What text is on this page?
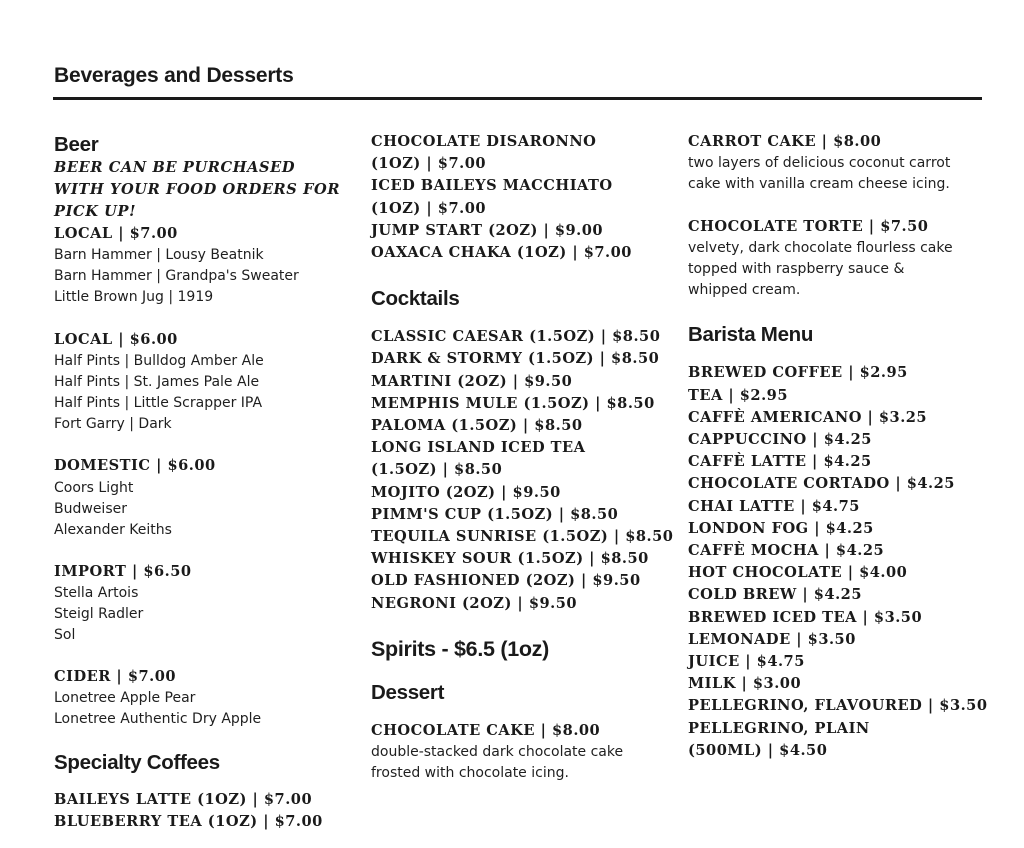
Beverages and Desserts
Beer
BEER CAN BE PURCHASED WITH YOUR FOOD ORDERS FOR PICK UP!
LOCAL | $7.00
Barn Hammer | Lousy Beatnik
Barn Hammer | Grandpa's Sweater
Little Brown Jug | 1919
LOCAL | $6.00
Half Pints | Bulldog Amber Ale
Half Pints | St. James Pale Ale
Half Pints | Little Scrapper IPA
Fort Garry | Dark
DOMESTIC | $6.00
Coors Light
Budweiser
Alexander Keiths
IMPORT | $6.50
Stella Artois
Steigl Radler
Sol
CIDER | $7.00
Lonetree Apple Pear
Lonetree Authentic Dry Apple
Specialty Coffees
BAILEYS LATTE (1OZ) | $7.00
BLUEBERRY TEA (1OZ) | $7.00
CHOCOLATE DISARONNO (1OZ) | $7.00
ICED BAILEYS MACCHIATO (1OZ) | $7.00
JUMP START (2OZ) | $9.00
OAXACA CHAKA (1OZ) | $7.00
Cocktails
CLASSIC CAESAR (1.5OZ) | $8.50
DARK & STORMY (1.5OZ) | $8.50
MARTINI (2OZ) | $9.50
MEMPHIS MULE (1.5OZ) | $8.50
PALOMA (1.5OZ) | $8.50
LONG ISLAND ICED TEA (1.5OZ) | $8.50
MOJITO (2OZ) | $9.50
PIMM'S CUP (1.5OZ) | $8.50
TEQUILA SUNRISE (1.5OZ) | $8.50
WHISKEY SOUR (1.5OZ) | $8.50
OLD FASHIONED (2OZ) | $9.50
NEGRONI (2OZ) | $9.50
Spirits - $6.5 (1oz)
Dessert
CHOCOLATE CAKE | $8.00
double-stacked dark chocolate cake frosted with chocolate icing.
CARROT CAKE | $8.00
two layers of delicious coconut carrot cake with vanilla cream cheese icing.
CHOCOLATE TORTE | $7.50
velvety, dark chocolate flourless cake topped with raspberry sauce & whipped cream.
Barista Menu
BREWED COFFEE | $2.95
TEA | $2.95
CAFFÈ AMERICANO | $3.25
CAPPUCCINO | $4.25
CAFFÈ LATTE | $4.25
CHOCOLATE CORTADO | $4.25
CHAI LATTE | $4.75
LONDON FOG | $4.25
CAFFÈ MOCHA | $4.25
HOT CHOCOLATE | $4.00
COLD BREW | $4.25
BREWED ICED TEA | $3.50
LEMONADE | $3.50
JUICE | $4.75
MILK | $3.00
PELLEGRINO, FLAVOURED | $3.50
PELLEGRINO, PLAIN (500ML) | $4.50
